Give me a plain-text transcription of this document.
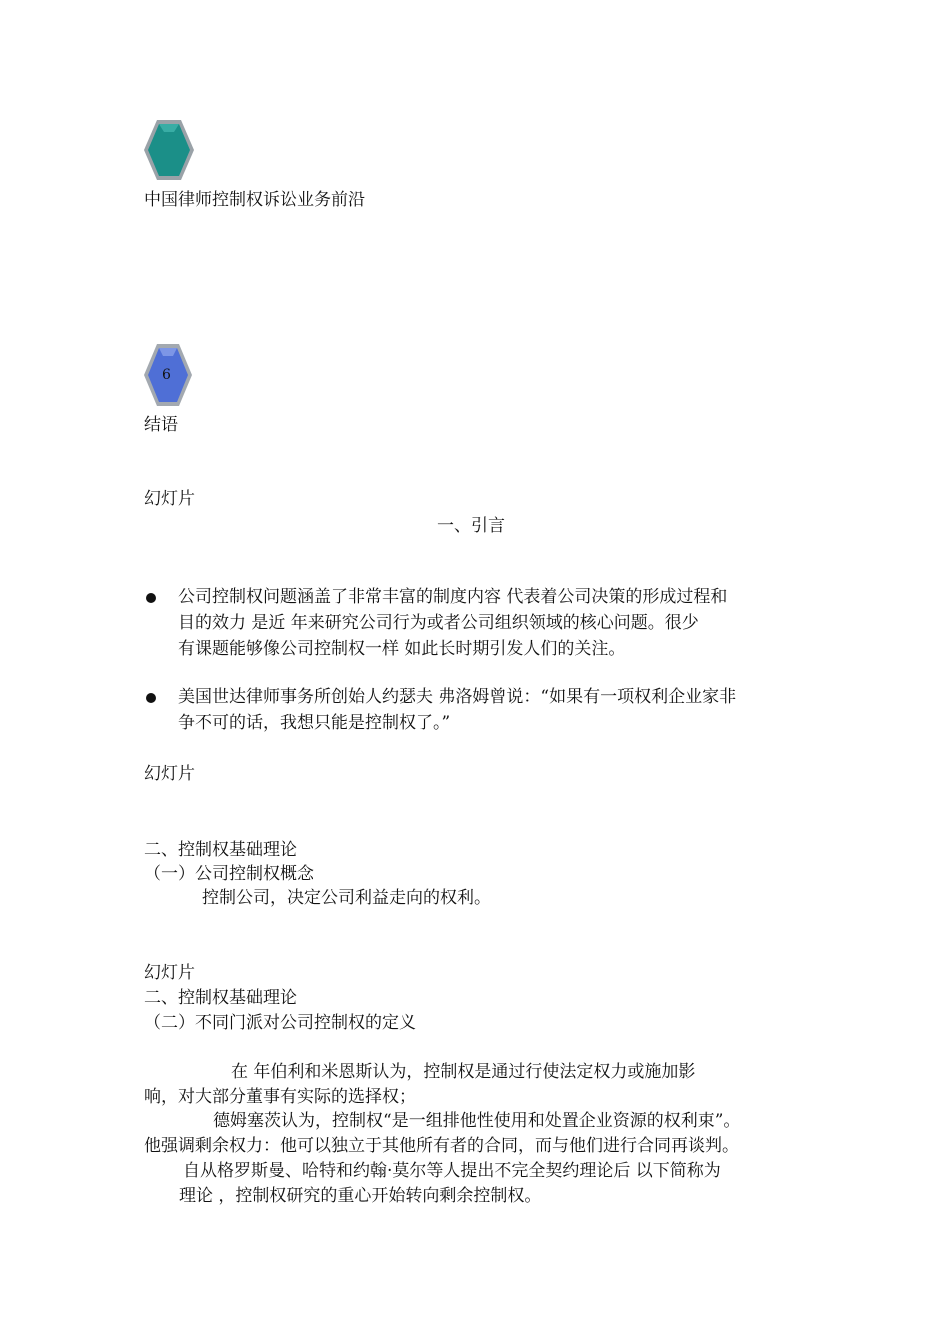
中国律师控制权诉讼业务前沿
6
结语
幻灯片
一、引言
公司控制权问题涵盖了非常丰富的制度内容 代表着公司决策的形成过程和
目的效力 是近 年来研究公司行为或者公司组织领域的核心问题。很少
有课题能够像公司控制权一样 如此长时期引发人们的关注。
美国世达律师事务所创始人约瑟夫 弗洛姆曾说：“如果有一项权利企业家非
争不可的话，我想只能是控制权了。”
幻灯片
二、控制权基础理论
（一）公司控制权概念
控制公司，决定公司利益走向的权利。
幻灯片
二、控制权基础理论
（二）不同门派对公司控制权的定义
在 年伯利和米恩斯认为，控制权是通过行使法定权力或施加影
响，对大部分董事有实际的选择权；
德姆塞茨认为，控制权“是一组排他性使用和处置企业资源的权利束”。
他强调剩余权力：他可以独立于其他所有者的合同，而与他们进行合同再谈判。
自从格罗斯曼、哈特和约翰·莫尔等人提出不完全契约理论后 以下简称为
理论 ，控制权研究的重心开始转向剩余控制权。
